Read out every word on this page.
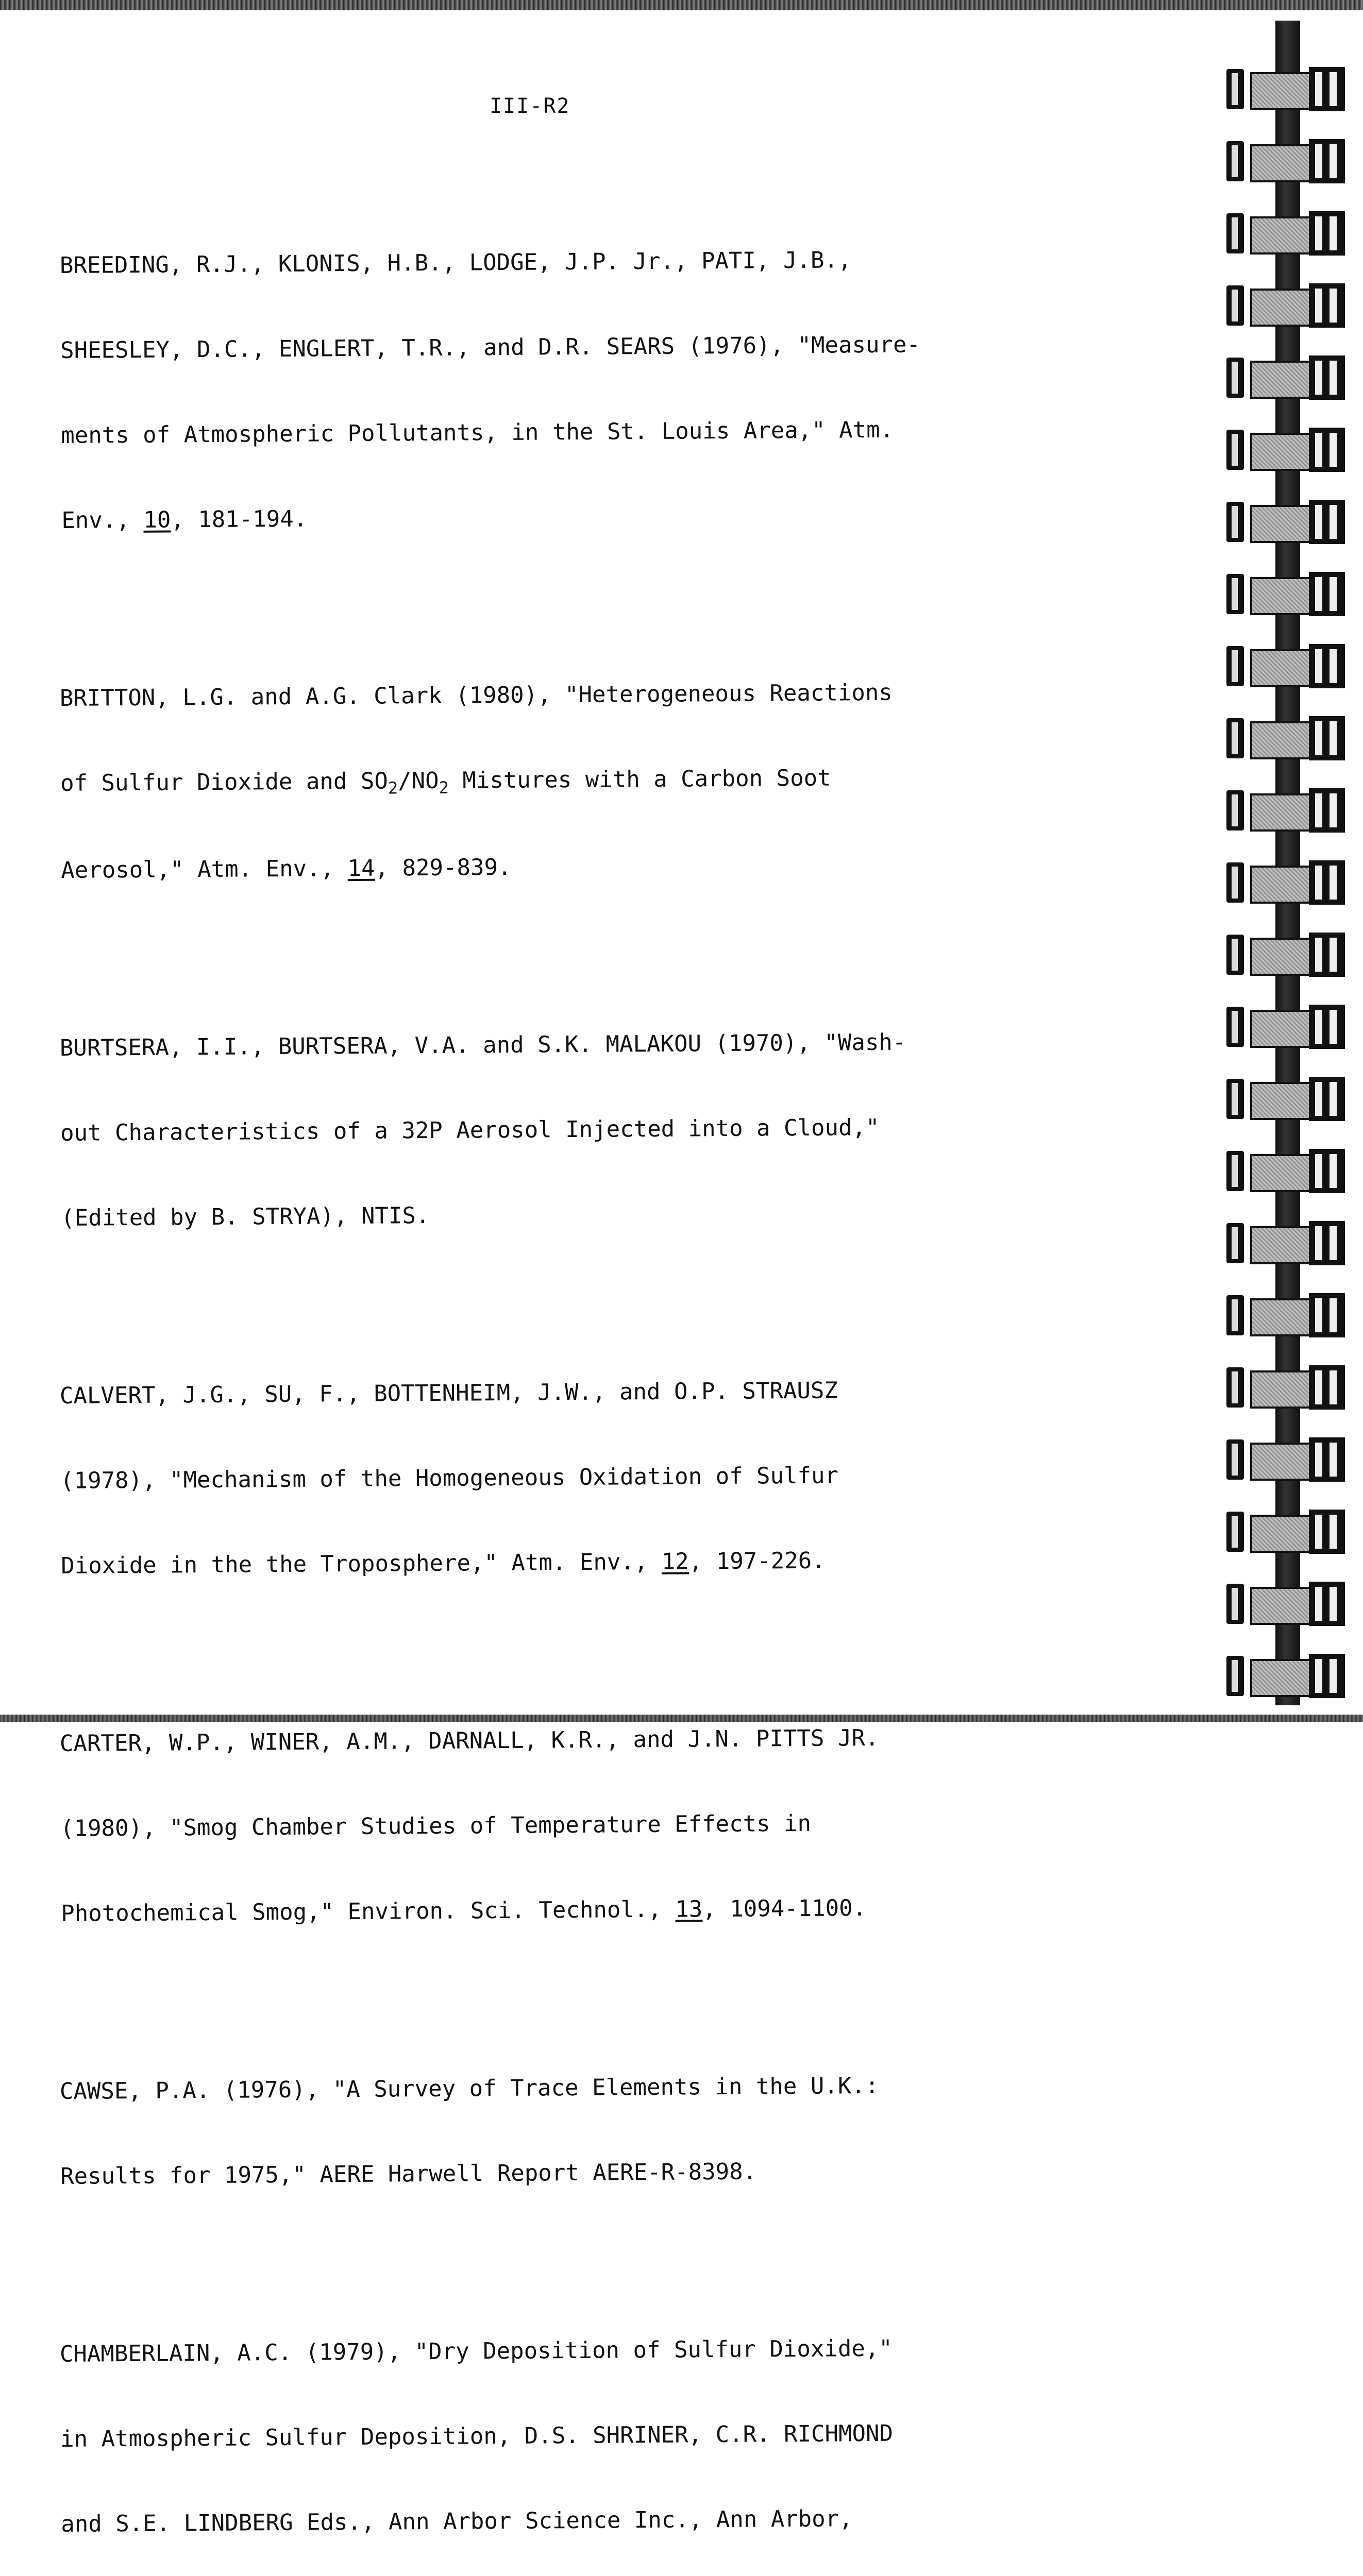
III-R2

BREEDING, R.J., KLONIS, H.B., LODGE, J.P. Jr., PATI, J.B.,

SHEESLEY, D.C., ENGLERT, T.R., and D.R. SEARS (1976), "Measure-

ments of Atmospheric Pollutants, in the St. Louis Area," Atm.

Env., 10, 181-194.

BRITTON, L.G. and A.G. Clark (1980), "Heterogeneous Reactions

of Sulfur Dioxide and $SO_2/NO_2$ Mistures with a Carbon Soot

Aerosol," Atm. Env., 14, 829-839.

BURTSERA, I.I., BURTSERA, V.A. and S.K. MALAKOU (1970), "Wash-

out Characteristics of a 32P Aerosol Injected into a Cloud,"

(Edited by B. STRYA), NTIS.

CALVERT, J.G., SU, F., BOTTENHEIM, J.W., and O.P. STRAUSZ

(1978), "Mechanism of the Homogeneous Oxidation of Sulfur

Dioxide in the the Troposphere," Atm. Env., 12, 197-226.

CARTER, W.P., WINER, A.M., DARNALL, K.R., and J.N. PITTS JR.

(1980), "Smog Chamber Studies of Temperature Effects in

Photochemical Smog," Environ. Sci. Technol., 13, 1094-1100.

CAWSE, P.A. (1976), "A Survey of Trace Elements in the U.K.:

Results for 1975," AERE Harwell Report AERE-R-8398.

CHAMBERLAIN, A.C. (1979), "Dry Deposition of Sulfur Dioxide,"

in Atmospheric Sulfur Deposition, D.S. SHRINER, C.R. RICHMOND

and S.E. LINDBERG Eds., Ann Arbor Science Inc., Ann Arbor,
